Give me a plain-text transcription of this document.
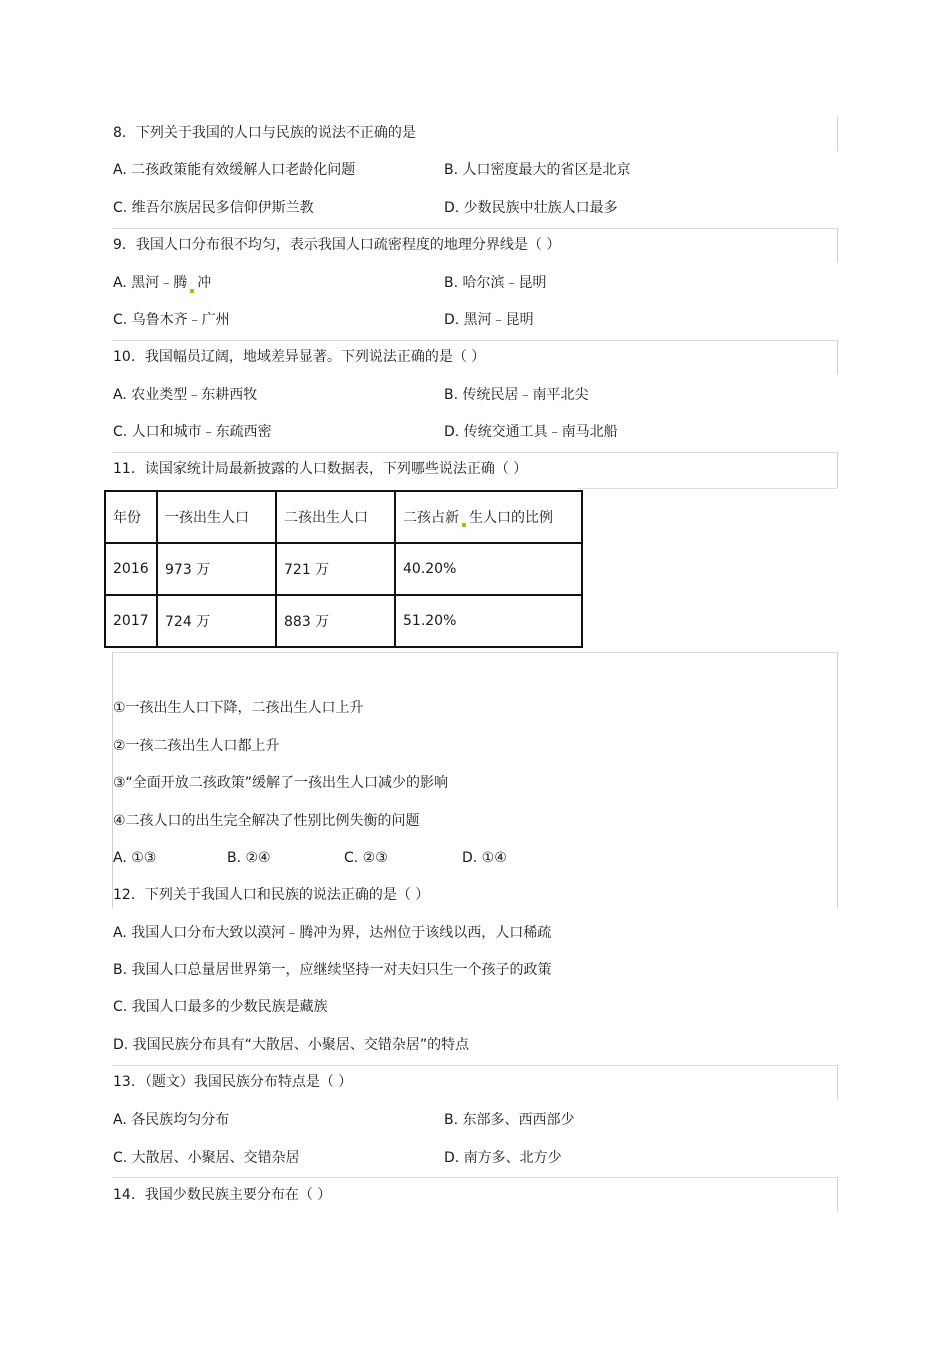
8．下列关于我国的人口与民族的说法不正确的是
A. 二孩政策能有效缓解人口老龄化问题	B. 人口密度最大的省区是北京
C. 维吾尔族居民多信仰伊斯兰教	D. 少数民族中壮族人口最多
9．我国人口分布很不均匀，表示我国人口疏密程度的地理分界线是（ ）
A. 黑河﹣腾 冲	B. 哈尔滨﹣昆明
C. 乌鲁木齐﹣广州	D. 黑河﹣昆明
10．我国幅员辽阔，地域差异显著。下列说法正确的是（ ）
A. 农业类型﹣东耕西牧	B. 传统民居﹣南平北尖
C. 人口和城市﹣东疏西密	D. 传统交通工具﹣南马北船
11．读国家统计局最新披露的人口数据表，下列哪些说法正确（ ）
年份	一孩出生人口	二孩出生人口	二孩占新 生人口的比例
2016	973 万	721 万	40.20%
2017	724 万	883 万	51.20%
①一孩出生人口下降，二孩出生人口上升
②一孩二孩出生人口都上升
③“全面开放二孩政策”缓解了一孩出生人口减少的影响
④二孩人口的出生完全解决了性别比例失衡的问题
A. ①③	B. ②④	C. ②③	D. ①④
12．下列关于我国人口和民族的说法正确的是（ ）
A. 我国人口分布大致以漠河﹣腾冲为界，达州位于该线以西，人口稀疏
B. 我国人口总量居世界第一，应继续坚持一对夫妇只生一个孩子的政策
C. 我国人口最多的少数民族是藏族
D. 我国民族分布具有“大散居、小聚居、交错杂居”的特点
13．（题文）我国民族分布特点是（ ）
A. 各民族均匀分布	B. 东部多、西西部少
C. 大散居、小聚居、交错杂居	D. 南方多、北方少
14．我国少数民族主要分布在（ ）
